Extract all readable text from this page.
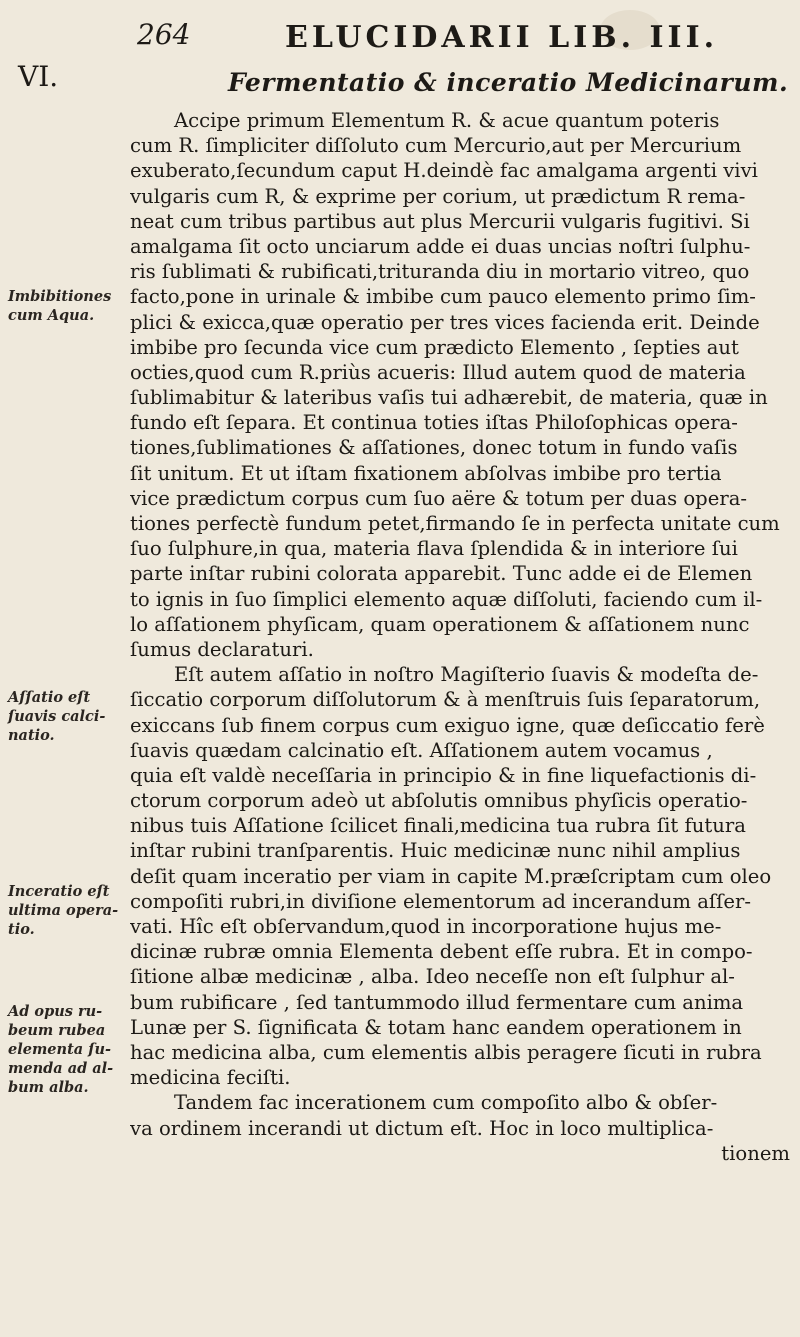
264	ELUCIDARII LIB. III.
VI.	Fermentatio & inceratio Medicinarum.
Accipe primum Elementum R. & acue quantum poteris
cum R. ſimpliciter diſſoluto cum Mercurio,aut per Mercurium
exuberato,ſecundum caput H.deindè fac amalgama argenti vivi
vulgaris cum R, & exprime per corium, ut prædictum R rema-
neat cum tribus partibus aut plus Mercurii vulgaris fugitivi. Si
amalgama ſit octo unciarum adde ei duas uncias noſtri ſulphu-
ris ſublimati & rubificati,trituranda diu in mortario vitreo, quo
facto,pone in urinale & imbibe cum pauco elemento primo ſim-
plici & exicca,quæ operatio per tres vices facienda erit. Deinde
imbibe pro ſecunda vice cum prædicto Elemento , ſepties aut
octies,quod cum R.priùs acueris: Illud autem quod de materia
ſublimabitur & lateribus vaſis tui adhærebit, de materia, quæ in
fundo eſt ſepara. Et continua toties iſtas Philoſophicas opera-
tiones,ſublimationes & aſſationes, donec totum in fundo vaſis
ſit unitum. Et ut iſtam fixationem abſolvas imbibe pro tertia
vice prædictum corpus cum ſuo aëre & totum per duas opera-
tiones perfectè fundum petet,firmando ſe in perfecta unitate cum
ſuo ſulphure,in qua, materia flava ſplendida & in interiore ſui
parte inſtar rubini colorata apparebit. Tunc adde ei de Elemen
to ignis in ſuo ſimplici elemento aquæ diſſoluti, faciendo cum il-
lo aſſationem phyſicam, quam operationem & aſſationem nunc
ſumus declaraturi.
Eſt autem aſſatio in noſtro Magiſterio ſuavis & modeſta de-
ſiccatio corporum diſſolutorum & à menſtruis ſuis ſeparatorum,
exiccans ſub finem corpus cum exiguo igne, quæ deſiccatio ferè
ſuavis quædam calcinatio eſt. Aſſationem autem vocamus ,
quia eſt valdè neceſſaria in principio & in fine liquefactionis di-
ctorum corporum adeò ut abſolutis omnibus phyſicis operatio-
nibus tuis Aſſatione ſcilicet finali,medicina tua rubra ſit futura
inſtar rubini tranſparentis. Huic medicinæ nunc nihil amplius
deſit quam inceratio per viam in capite M.præſcriptam cum oleo
compoſiti rubri,in diviſione elementorum ad incerandum aſſer-
vati. Hîc eſt obſervandum,quod in incorporatione hujus me-
dicinæ rubræ omnia Elementa debent eſſe rubra. Et in compo-
ſitione albæ medicinæ , alba. Ideo neceſſe non eſt ſulphur al-
bum rubificare , ſed tantummodo illud fermentare cum anima
Lunæ per S. ſignificata & totam hanc eandem operationem in
hac medicina alba, cum elementis albis peragere ſicuti in rubra
medicina feciſti.
Tandem fac incerationem cum compoſito albo & obſer-
va ordinem incerandi ut dictum eſt. Hoc in loco multiplica-
tionem
Imbibitiones
cum Aqua.
Aſſatio eſt
ſuavis calci-
natio.
Inceratio eſt
ultima opera-
tio.
Ad opus ru-
beum rubea
elementa ſu-
menda ad al-
bum alba.
